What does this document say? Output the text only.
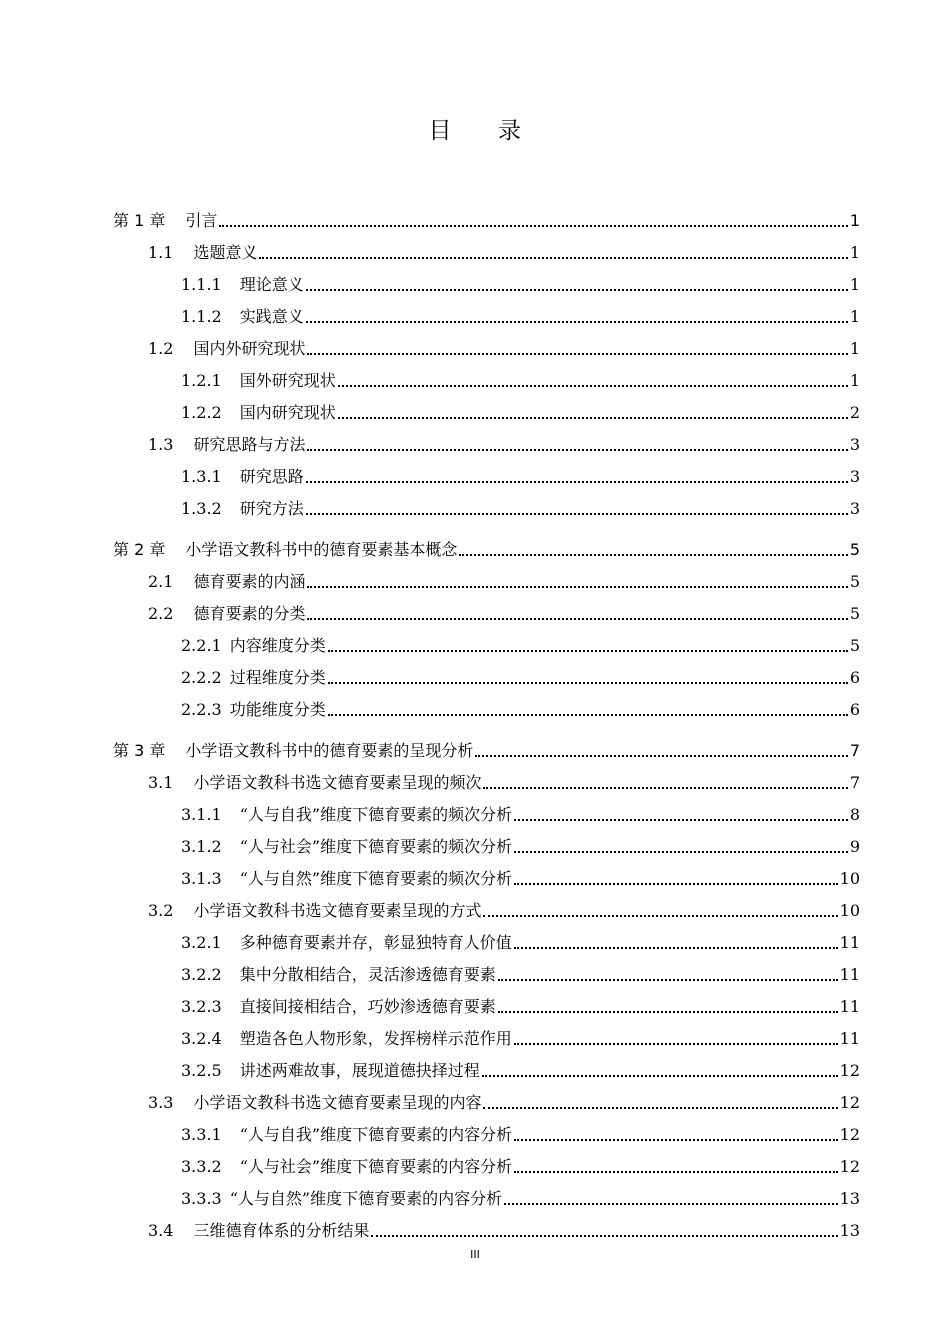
目 录
第 1 章 引言	1
1.1 选题意义	1
1.1.1 理论意义	1
1.1.2 实践意义	1
1.2 国内外研究现状	1
1.2.1 国外研究现状	1
1.2.2 国内研究现状	2
1.3 研究思路与方法	3
1.3.1 研究思路	3
1.3.2 研究方法	3
第 2 章 小学语文教科书中的德育要素基本概念	5
2.1 德育要素的内涵	5
2.2 德育要素的分类	5
2.2.1 内容维度分类	5
2.2.2 过程维度分类	6
2.2.3 功能维度分类	6
第 3 章 小学语文教科书中的德育要素的呈现分析	7
3.1 小学语文教科书选文德育要素呈现的频次	7
3.1.1 “人与自我”维度下德育要素的频次分析	8
3.1.2 “人与社会”维度下德育要素的频次分析	9
3.1.3 “人与自然”维度下德育要素的频次分析	10
3.2 小学语文教科书选文德育要素呈现的方式	10
3.2.1 多种德育要素并存，彰显独特育人价值	11
3.2.2 集中分散相结合，灵活渗透德育要素	11
3.2.3 直接间接相结合，巧妙渗透德育要素	11
3.2.4 塑造各色人物形象，发挥榜样示范作用	11
3.2.5 讲述两难故事，展现道德抉择过程	12
3.3 小学语文教科书选文德育要素呈现的内容	12
3.3.1 “人与自我”维度下德育要素的内容分析	12
3.3.2 “人与社会”维度下德育要素的内容分析	12
3.3.3 “人与自然”维度下德育要素的内容分析	13
3.4 三维德育体系的分析结果	13
III
